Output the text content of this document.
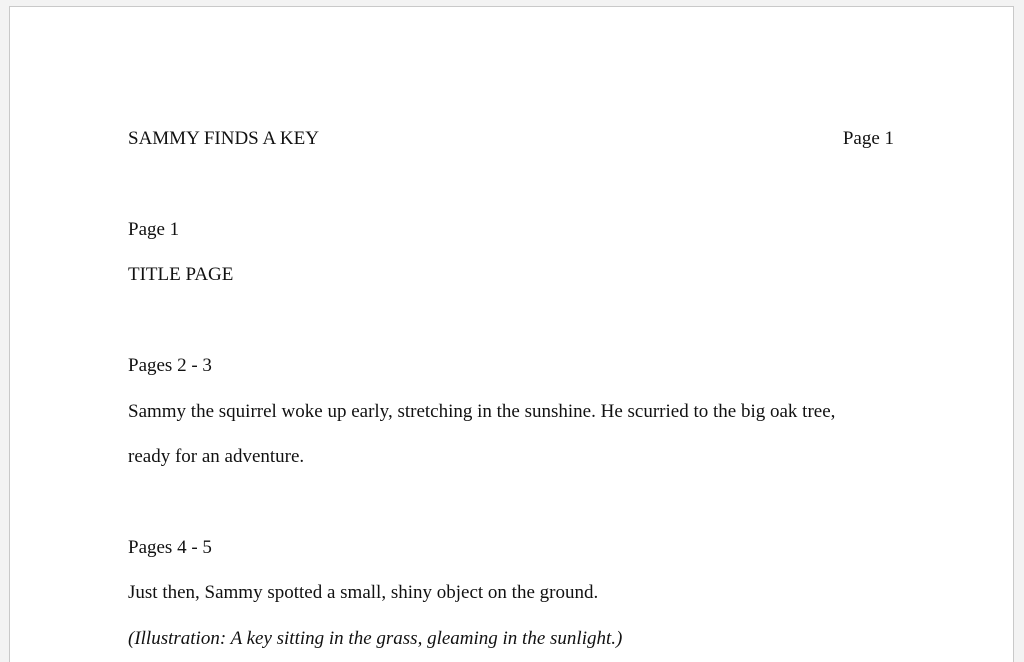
SAMMY FINDS A KEY	Page 1

Page 1

TITLE PAGE

Pages 2 - 3

Sammy the squirrel woke up early, stretching in the sunshine. He scurried to the big oak tree,

ready for an adventure.

Pages 4 - 5

Just then, Sammy spotted a small, shiny object on the ground.

(Illustration: A key sitting in the grass, gleaming in the sunlight.)
